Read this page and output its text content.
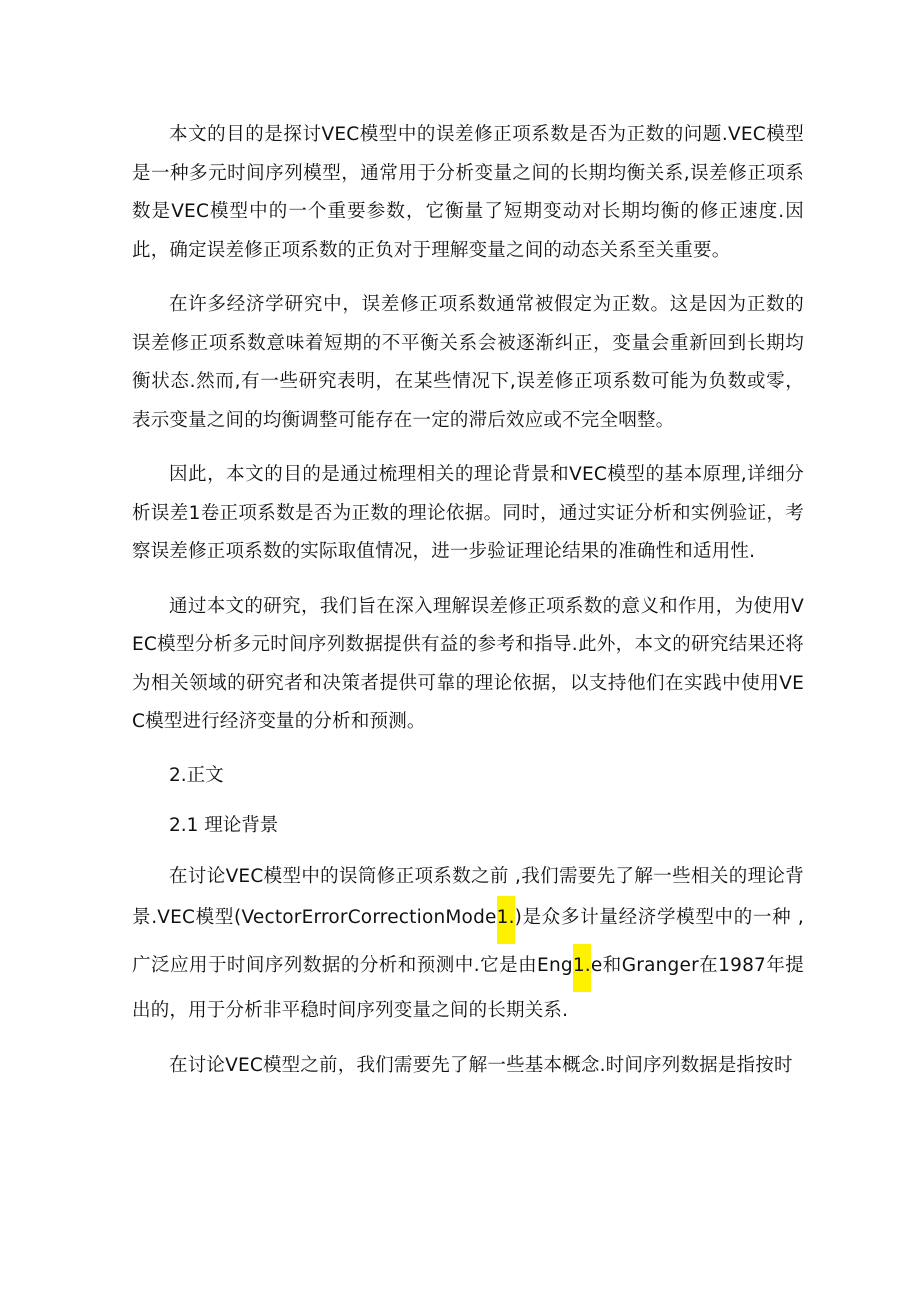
本文的目的是探讨VEC模型中的误差修正项系数是否为正数的问题.VEC模型是一种多元时间序列模型，通常用于分析变量之间的长期均衡关系,误差修正项系数是VEC模型中的一个重要参数，它衡量了短期变动对长期均衡的修正速度.因此，确定误差修正项系数的正负对于理解变量之间的动态关系至关重要。

在许多经济学研究中，误差修正项系数通常被假定为正数。这是因为正数的误差修正项系数意味着短期的不平衡关系会被逐渐纠正，变量会重新回到长期均衡状态.然而,有一些研究表明，在某些情况下,误差修正项系数可能为负数或零，表示变量之间的均衡调整可能存在一定的滞后效应或不完全咽整。

因此，本文的目的是通过梳理相关的理论背景和VEC模型的基本原理,详细分析误差1卷正项系数是否为正数的理论依据。同时，通过实证分析和实例验证，考察误差修正项系数的实际取值情况，进一步验证理论结果的准确性和适用性.

通过本文的研究，我们旨在深入理解误差修正项系数的意义和作用，为使用VEC模型分析多元时间序列数据提供有益的参考和指导.此外，本文的研究结果还将为相关领域的研究者和决策者提供可靠的理论依据，以支持他们在实践中使用VEC模型进行经济变量的分析和预测。

2.正文

2.1 理论背景

在讨论VEC模型中的误筒修正项系数之前 ,我们需要先了解一些相关的理论背景.VEC模型(VectorErrorCorrectionMode1.)是众多计量经济学模型中的一种 ,广泛应用于时间序列数据的分析和预测中.它是由Eng1.e和Granger在1987年提出的，用于分析非平稳时间序列变量之间的长期关系.

在讨论VEC模型之前，我们需要先了解一些基本概念.时间序列数据是指按时
